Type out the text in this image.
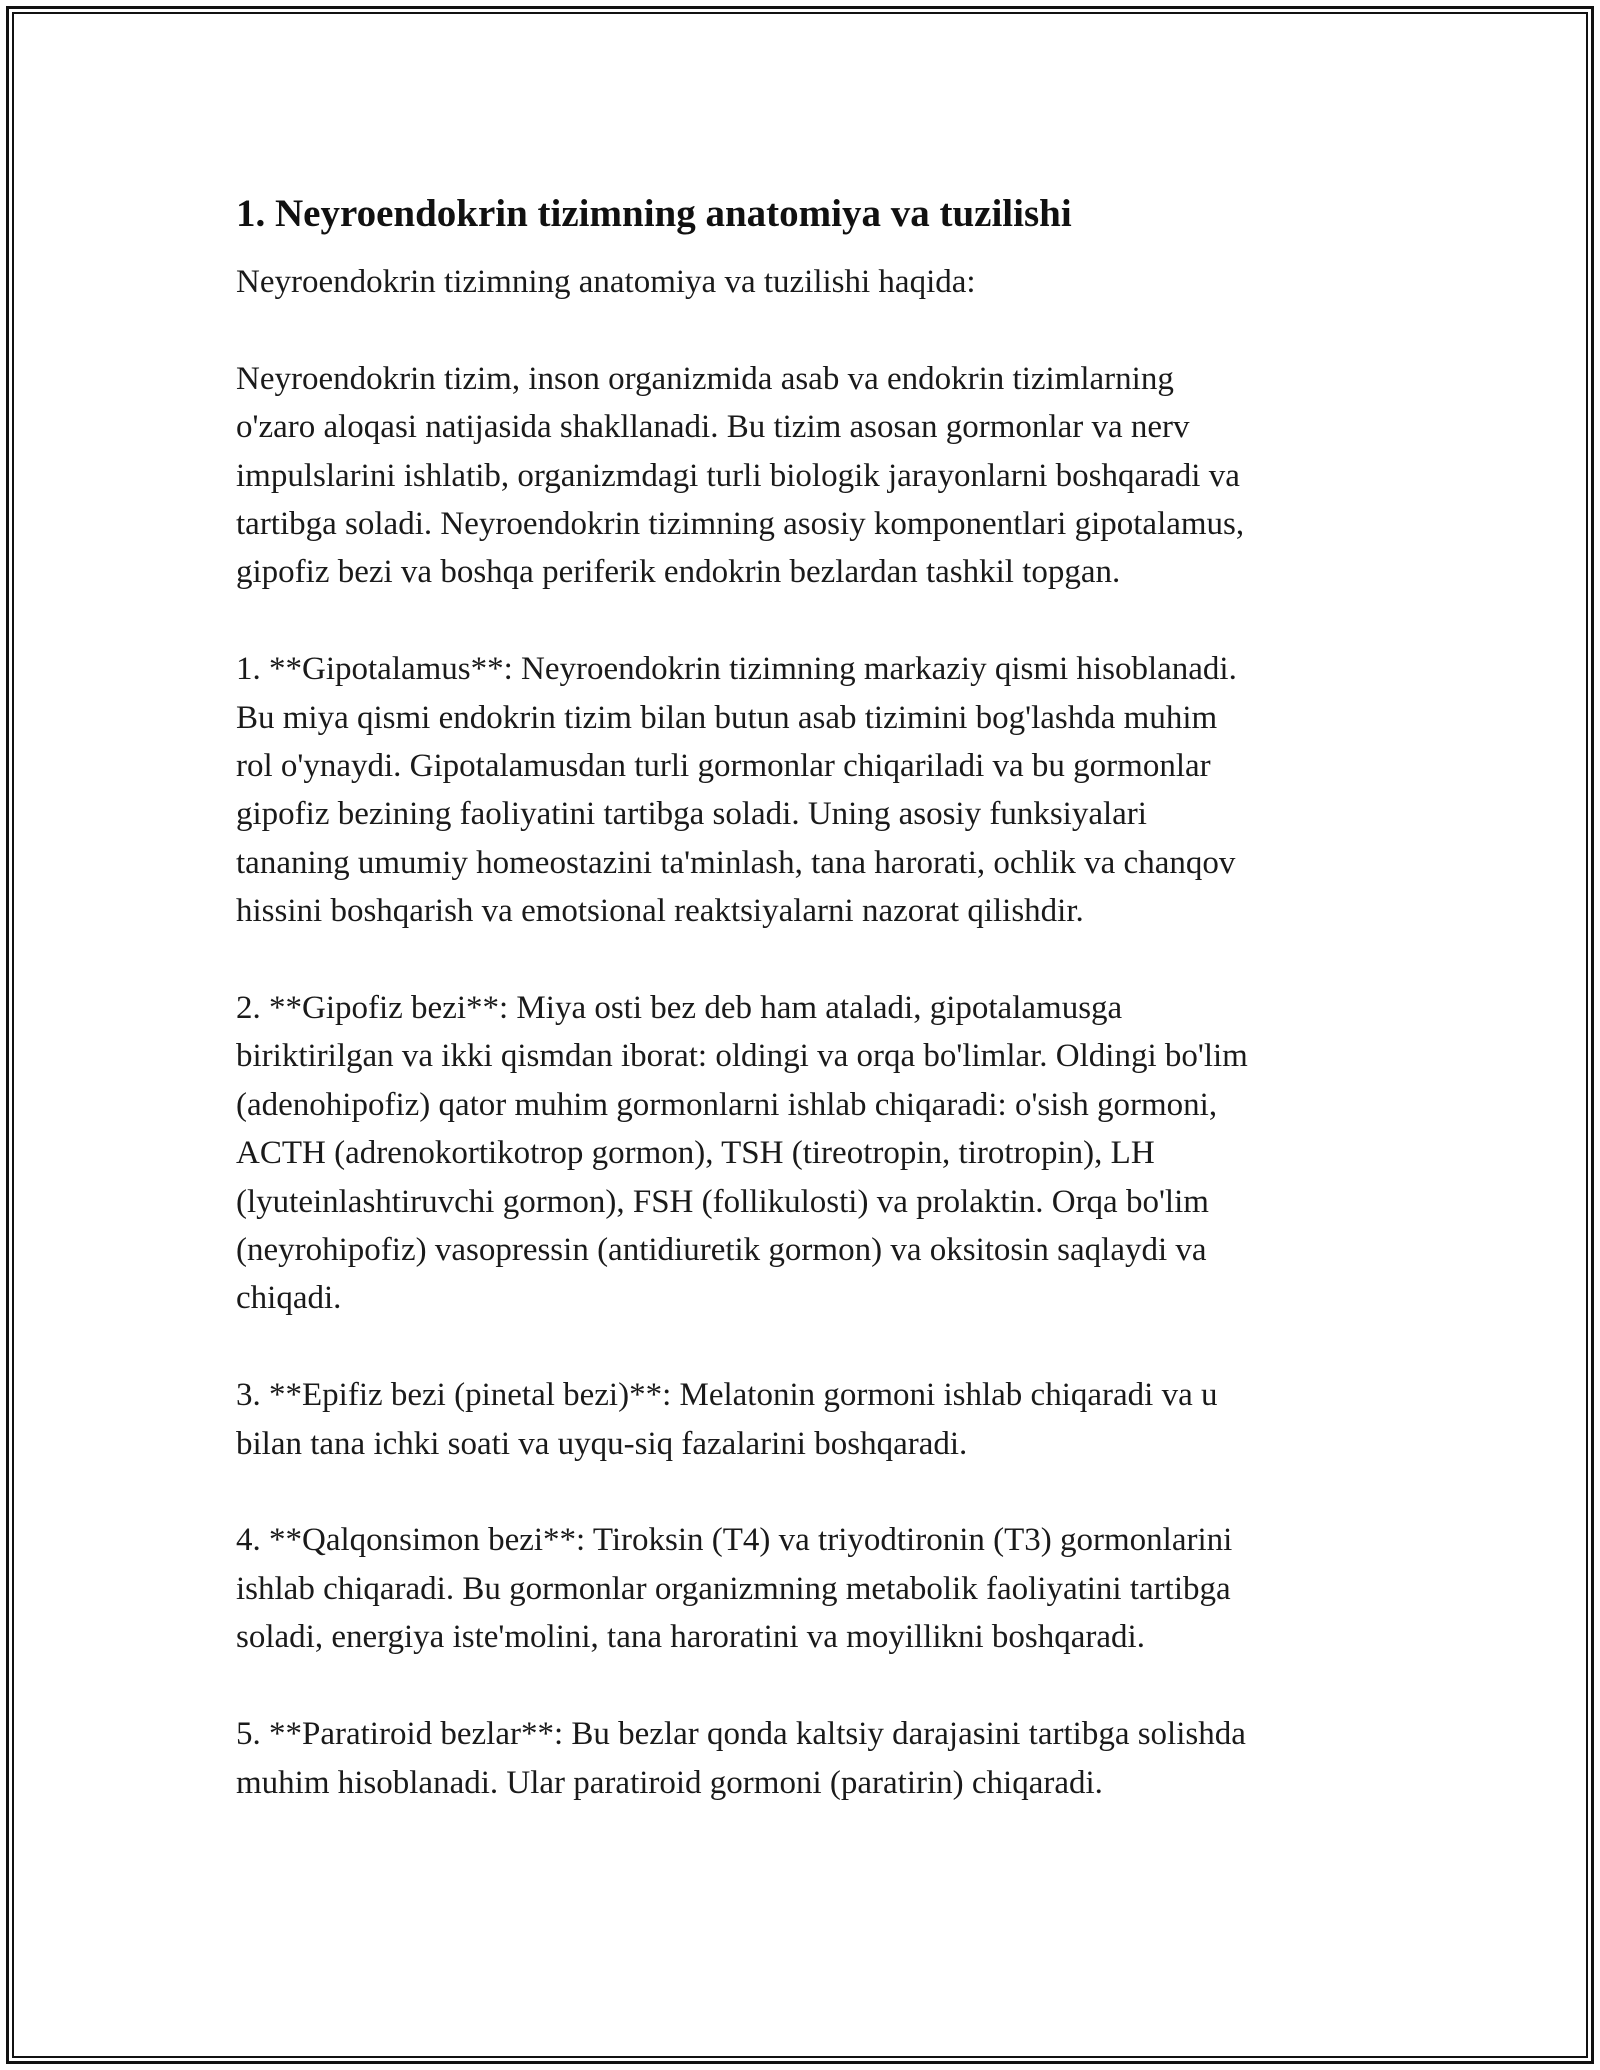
1. Neyroendokrin tizimning anatomiya va tuzilishi

Neyroendokrin tizimning anatomiya va tuzilishi haqida:

Neyroendokrin tizim, inson organizmida asab va endokrin tizimlarning
o'zaro aloqasi natijasida shakllanadi. Bu tizim asosan gormonlar va nerv
impulslarini ishlatib, organizmdagi turli biologik jarayonlarni boshqaradi va
tartibga soladi. Neyroendokrin tizimning asosiy komponentlari gipotalamus,
gipofiz bezi va boshqa periferik endokrin bezlardan tashkil topgan.

1. **Gipotalamus**: Neyroendokrin tizimning markaziy qismi hisoblanadi.
Bu miya qismi endokrin tizim bilan butun asab tizimini bog'lashda muhim
rol o'ynaydi. Gipotalamusdan turli gormonlar chiqariladi va bu gormonlar
gipofiz bezining faoliyatini tartibga soladi. Uning asosiy funksiyalari
tananing umumiy homeostazini ta'minlash, tana harorati, ochlik va chanqov
hissini boshqarish va emotsional reaktsiyalarni nazorat qilishdir.

2. **Gipofiz bezi**: Miya osti bez deb ham ataladi, gipotalamusga
biriktirilgan va ikki qismdan iborat: oldingi va orqa bo'limlar. Oldingi bo'lim
(adenohipofiz) qator muhim gormonlarni ishlab chiqaradi: o'sish gormoni,
ACTH (adrenokortikotrop gormon), TSH (tireotropin, tirotropin), LH
(lyuteinlashtiruvchi gormon), FSH (follikulosti) va prolaktin. Orqa bo'lim
(neyrohipofiz) vasopressin (antidiuretik gormon) va oksitosin saqlaydi va
chiqadi.

3. **Epifiz bezi (pinetal bezi)**: Melatonin gormoni ishlab chiqaradi va u
bilan tana ichki soati va uyqu-siq fazalarini boshqaradi.

4. **Qalqonsimon bezi**: Tiroksin (T4) va triyodtironin (T3) gormonlarini
ishlab chiqaradi. Bu gormonlar organizmning metabolik faoliyatini tartibga
soladi, energiya iste'molini, tana haroratini va moyillikni boshqaradi.

5. **Paratiroid bezlar**: Bu bezlar qonda kaltsiy darajasini tartibga solishda
muhim hisoblanadi. Ular paratiroid gormoni (paratirin) chiqaradi.
